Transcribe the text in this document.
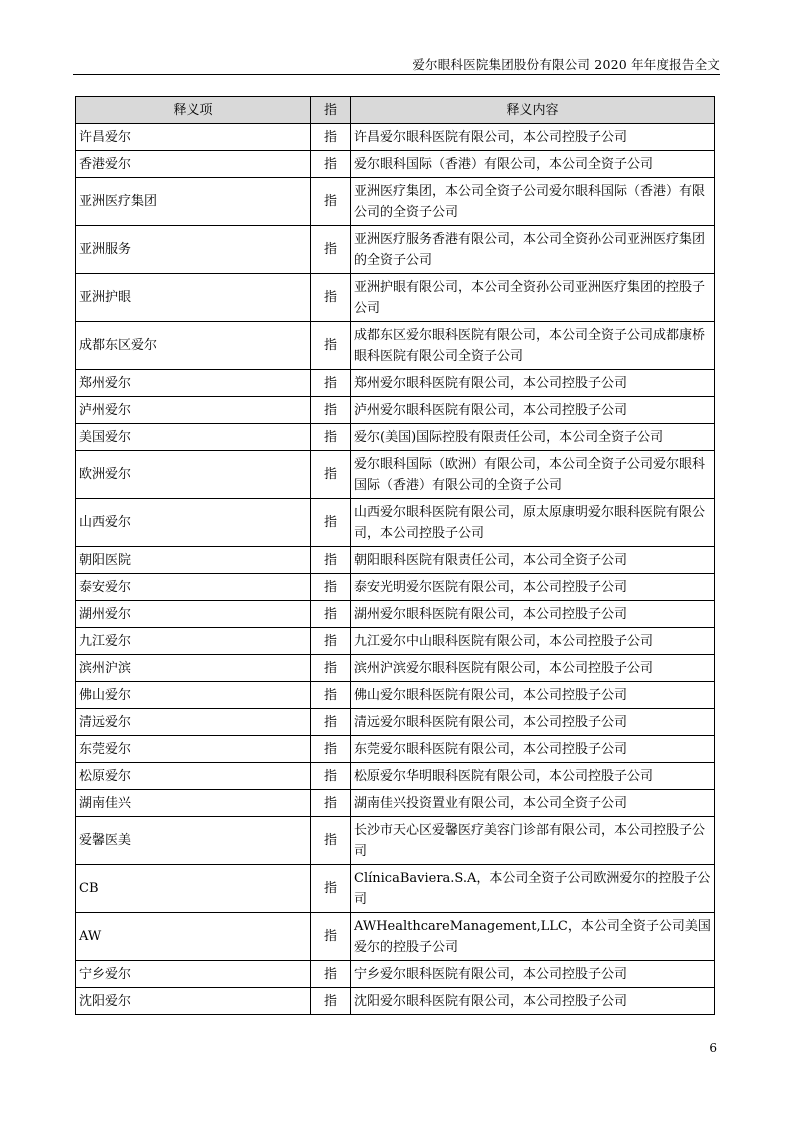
爱尔眼科医院集团股份有限公司 2020 年年度报告全文
释义项	指	释义内容
许昌爱尔	指	许昌爱尔眼科医院有限公司，本公司控股子公司
香港爱尔	指	爱尔眼科国际（香港）有限公司，本公司全资子公司
亚洲医疗集团	指	亚洲医疗集团，本公司全资子公司爱尔眼科国际（香港）有限公司的全资子公司
亚洲服务	指	亚洲医疗服务香港有限公司，本公司全资孙公司亚洲医疗集团的全资子公司
亚洲护眼	指	亚洲护眼有限公司，本公司全资孙公司亚洲医疗集团的控股子公司
成都东区爱尔	指	成都东区爱尔眼科医院有限公司，本公司全资子公司成都康桥眼科医院有限公司全资子公司
郑州爱尔	指	郑州爱尔眼科医院有限公司，本公司控股子公司
泸州爱尔	指	泸州爱尔眼科医院有限公司，本公司控股子公司
美国爱尔	指	爱尔(美国)国际控股有限责任公司，本公司全资子公司
欧洲爱尔	指	爱尔眼科国际（欧洲）有限公司，本公司全资子公司爱尔眼科国际（香港）有限公司的全资子公司
山西爱尔	指	山西爱尔眼科医院有限公司，原太原康明爱尔眼科医院有限公司，本公司控股子公司
朝阳医院	指	朝阳眼科医院有限责任公司，本公司全资子公司
泰安爱尔	指	泰安光明爱尔医院有限公司，本公司控股子公司
湖州爱尔	指	湖州爱尔眼科医院有限公司，本公司控股子公司
九江爱尔	指	九江爱尔中山眼科医院有限公司，本公司控股子公司
滨州沪滨	指	滨州沪滨爱尔眼科医院有限公司，本公司控股子公司
佛山爱尔	指	佛山爱尔眼科医院有限公司，本公司控股子公司
清远爱尔	指	清远爱尔眼科医院有限公司，本公司控股子公司
东莞爱尔	指	东莞爱尔眼科医院有限公司，本公司控股子公司
松原爱尔	指	松原爱尔华明眼科医院有限公司，本公司控股子公司
湖南佳兴	指	湖南佳兴投资置业有限公司，本公司全资子公司
爱馨医美	指	长沙市天心区爱馨医疗美容门诊部有限公司，本公司控股子公司
CB	指	ClínicaBaviera.S.A，本公司全资子公司欧洲爱尔的控股子公司
AW	指	AWHealthcareManagement,LLC，本公司全资子公司美国爱尔的控股子公司
宁乡爱尔	指	宁乡爱尔眼科医院有限公司，本公司控股子公司
沈阳爱尔	指	沈阳爱尔眼科医院有限公司，本公司控股子公司
6
